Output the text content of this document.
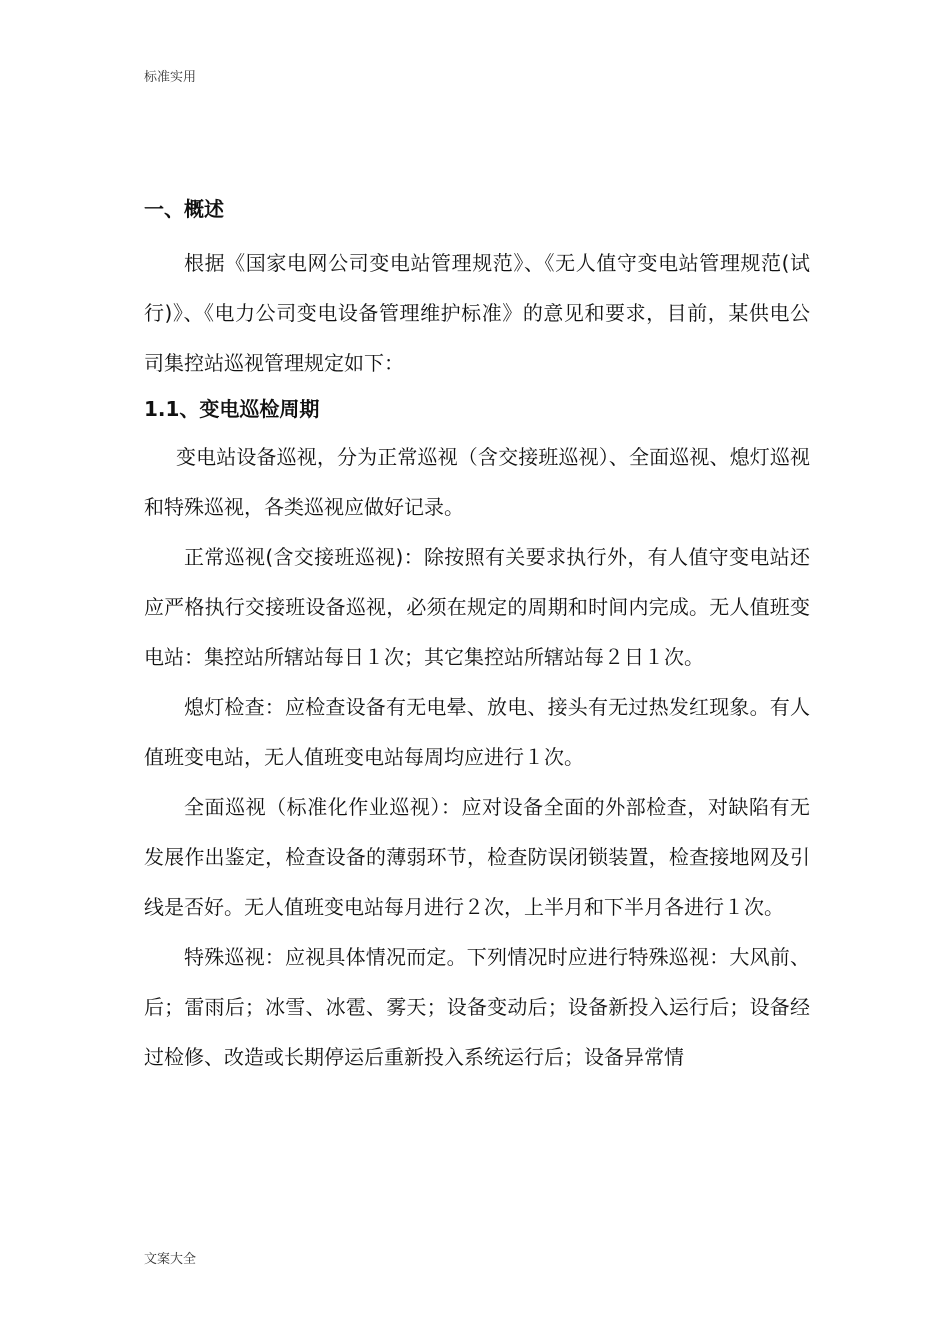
标准实用

一、概述

根据《国家电网公司变电站管理规范》、《无人值守变电站管理规范(试行)》、《电力公司变电设备管理维护标准》的意见和要求，目前，某供电公司集控站巡视管理规定如下：

1.1、变电巡检周期

变电站设备巡视，分为正常巡视（含交接班巡视）、全面巡视、熄灯巡视和特殊巡视，各类巡视应做好记录。

正常巡视(含交接班巡视)：除按照有关要求执行外，有人值守变电站还应严格执行交接班设备巡视，必须在规定的周期和时间内完成。无人值班变电站：集控站所辖站每日１次；其它集控站所辖站每２日１次。

熄灯检查：应检查设备有无电晕、放电、接头有无过热发红现象。有人值班变电站，无人值班变电站每周均应进行１次。

全面巡视（标准化作业巡视）：应对设备全面的外部检查，对缺陷有无发展作出鉴定，检查设备的薄弱环节，检查防误闭锁装置，检查接地网及引线是否好。无人值班变电站每月进行２次，上半月和下半月各进行１次。

特殊巡视：应视具体情况而定。下列情况时应进行特殊巡视：大风前、后；雷雨后；冰雪、冰雹、雾天；设备变动后；设备新投入运行后；设备经过检修、改造或长期停运后重新投入系统运行后；设备异常情

文案大全
